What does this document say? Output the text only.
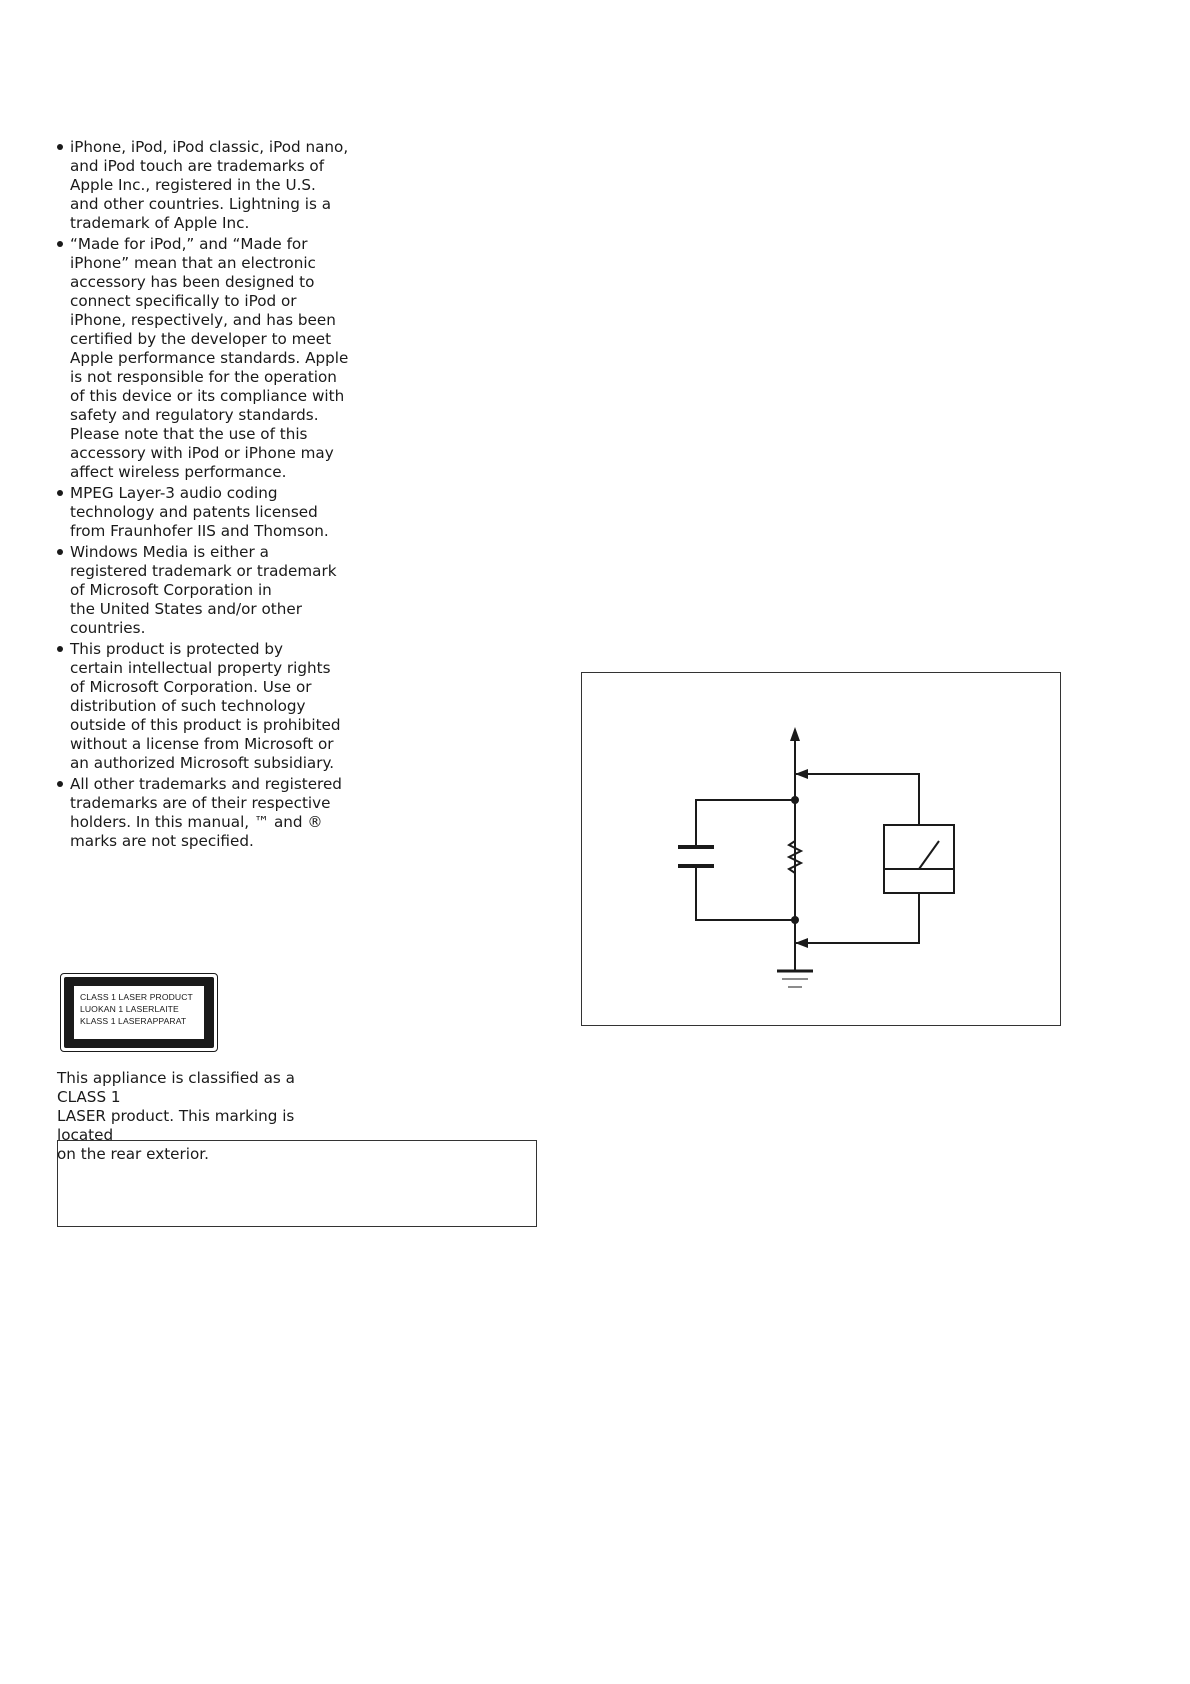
iPhone, iPod, iPod classic, iPod nano,
and iPod touch are trademarks of
Apple Inc., registered in the U.S.
and other countries. Lightning is a
trademark of Apple Inc.
“Made for iPod,” and “Made for
iPhone” mean that an electronic
accessory has been designed to
connect specifically to iPod or
iPhone, respectively, and has been
certified by the developer to meet
Apple performance standards. Apple
is not responsible for the operation
of this device or its compliance with
safety and regulatory standards.
Please note that the use of this
accessory with iPod or iPhone may
affect wireless performance.
MPEG Layer-3 audio coding
technology and patents licensed
from Fraunhofer IIS and Thomson.
Windows Media is either a
registered trademark or trademark
of Microsoft Corporation in
the United States and/or other
countries.
This product is protected by
certain intellectual property rights
of Microsoft Corporation. Use or
distribution of such technology
outside of this product is prohibited
without a license from Microsoft or
an authorized Microsoft subsidiary.
All other trademarks and registered
trademarks are of their respective
holders. In this manual, ™ and ®
marks are not specified.
CLASS 1 LASER PRODUCT
LUOKAN 1 LASERLAITE
KLASS 1 LASERAPPARAT
This appliance is classified as a CLASS 1
LASER product. This marking is located
on the rear exterior.
